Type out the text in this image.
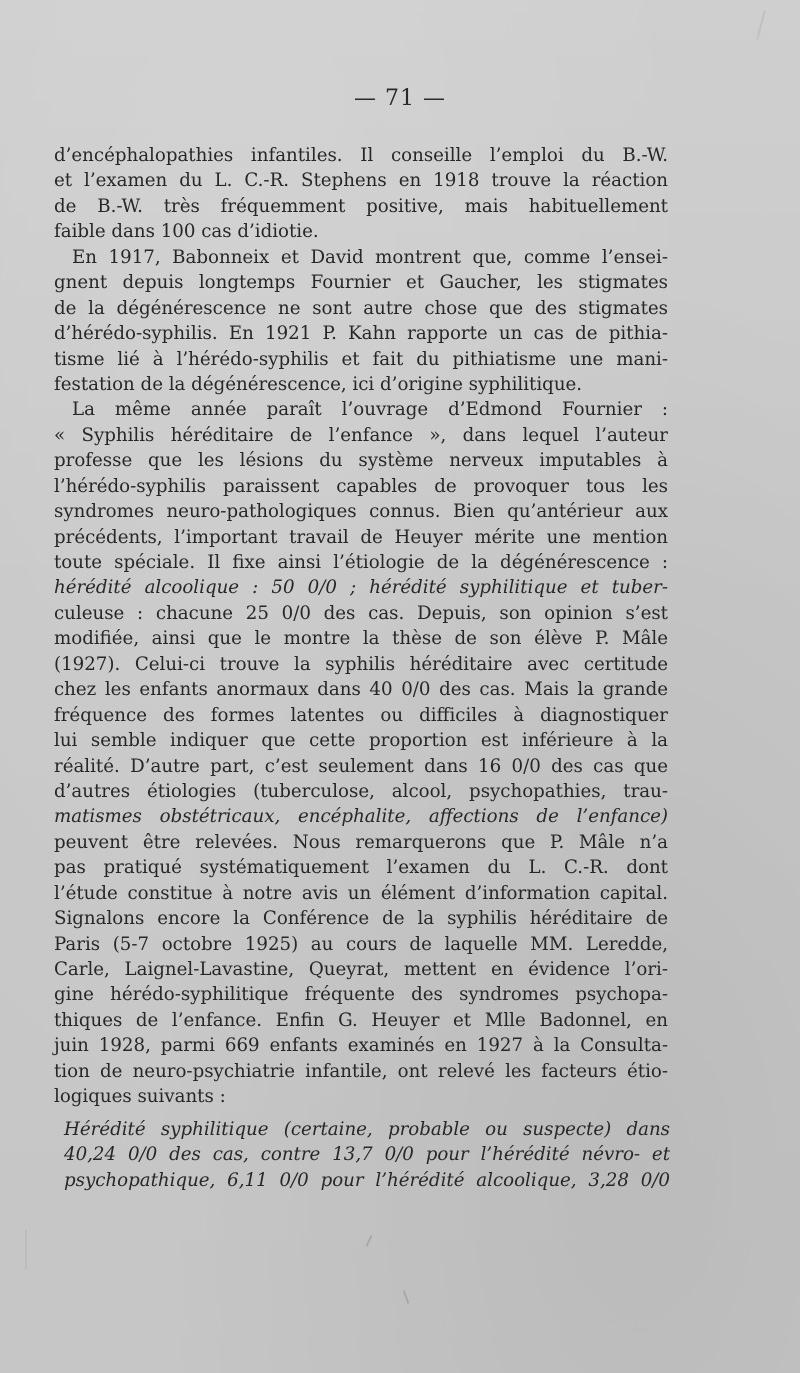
— 71 —
d’encéphalopathies infantiles. Il conseille l’emploi du B.-W.
et l’examen du L. C.-R. Stephens en 1918 trouve la réaction
de B.-W. très fréquemment positive, mais habituellement
faible dans 100 cas d’idiotie.
En 1917, Babonneix et David montrent que, comme l’ensei-
gnent depuis longtemps Fournier et Gaucher, les stigmates
de la dégénérescence ne sont autre chose que des stigmates
d’hérédo-syphilis. En 1921 P. Kahn rapporte un cas de pithia-
tisme lié à l’hérédo-syphilis et fait du pithiatisme une mani-
festation de la dégénérescence, ici d’origine syphilitique.
La même année paraît l’ouvrage d’Edmond Fournier :
« Syphilis héréditaire de l’enfance », dans lequel l’auteur
professe que les lésions du système nerveux imputables à
l’hérédo-syphilis paraissent capables de provoquer tous les
syndromes neuro-pathologiques connus. Bien qu’antérieur aux
précédents, l’important travail de Heuyer mérite une mention
toute spéciale. Il fixe ainsi l’étiologie de la dégénérescence :
hérédité alcoolique : 50 0/0 ; hérédité syphilitique et tuber-
culeuse : chacune 25 0/0 des cas. Depuis, son opinion s’est
modifiée, ainsi que le montre la thèse de son élève P. Mâle
(1927). Celui-ci trouve la syphilis héréditaire avec certitude
chez les enfants anormaux dans 40 0/0 des cas. Mais la grande
fréquence des formes latentes ou difficiles à diagnostiquer
lui semble indiquer que cette proportion est inférieure à la
réalité. D’autre part, c’est seulement dans 16 0/0 des cas que
d’autres étiologies (tuberculose, alcool, psychopathies, trau-
matismes obstétricaux, encéphalite, affections de l’enfance)
peuvent être relevées. Nous remarquerons que P. Mâle n’a
pas pratiqué systématiquement l’examen du L. C.-R. dont
l’étude constitue à notre avis un élément d’information capital.
Signalons encore la Conférence de la syphilis héréditaire de
Paris (5-7 octobre 1925) au cours de laquelle MM. Leredde,
Carle, Laignel-Lavastine, Queyrat, mettent en évidence l’ori-
gine hérédo-syphilitique fréquente des syndromes psychopa-
thiques de l’enfance. Enfin G. Heuyer et Mlle Badonnel, en
juin 1928, parmi 669 enfants examinés en 1927 à la Consulta-
tion de neuro-psychiatrie infantile, ont relevé les facteurs étio-
logiques suivants :
Hérédité syphilitique (certaine, probable ou suspecte) dans
40,24 0/0 des cas, contre 13,7 0/0 pour l’hérédité névro- et
psychopathique, 6,11 0/0 pour l’hérédité alcoolique, 3,28 0/0
